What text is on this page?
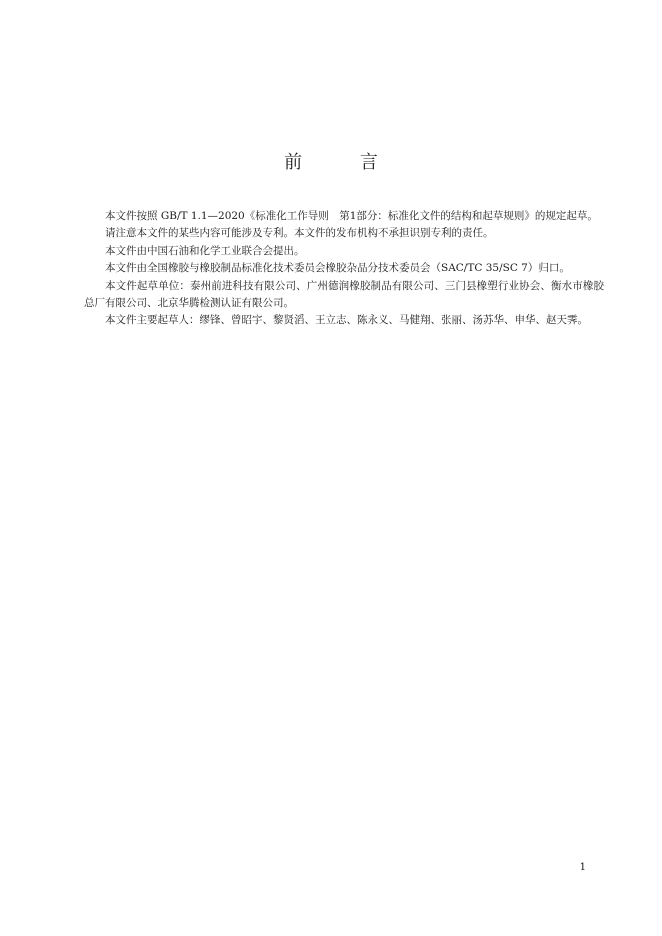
前 言

本文件按照 GB/T 1.1—2020《标准化工作导则　第1部分：标准化文件的结构和起草规则》的规定起草。

请注意本文件的某些内容可能涉及专利。本文件的发布机构不承担识别专利的责任。

本文件由中国石油和化学工业联合会提出。

本文件由全国橡胶与橡胶制品标准化技术委员会橡胶杂品分技术委员会（SAC/TC 35/SC 7）归口。

本文件起草单位：泰州前进科技有限公司、广州德润橡胶制品有限公司、三门县橡塑行业协会、衡水市橡胶总厂有限公司、北京华腾检测认证有限公司。

本文件主要起草人：缪锋、曾昭宇、黎贤滔、王立志、陈永义、马健翔、张丽、汤苏华、申华、赵天霁。

1
